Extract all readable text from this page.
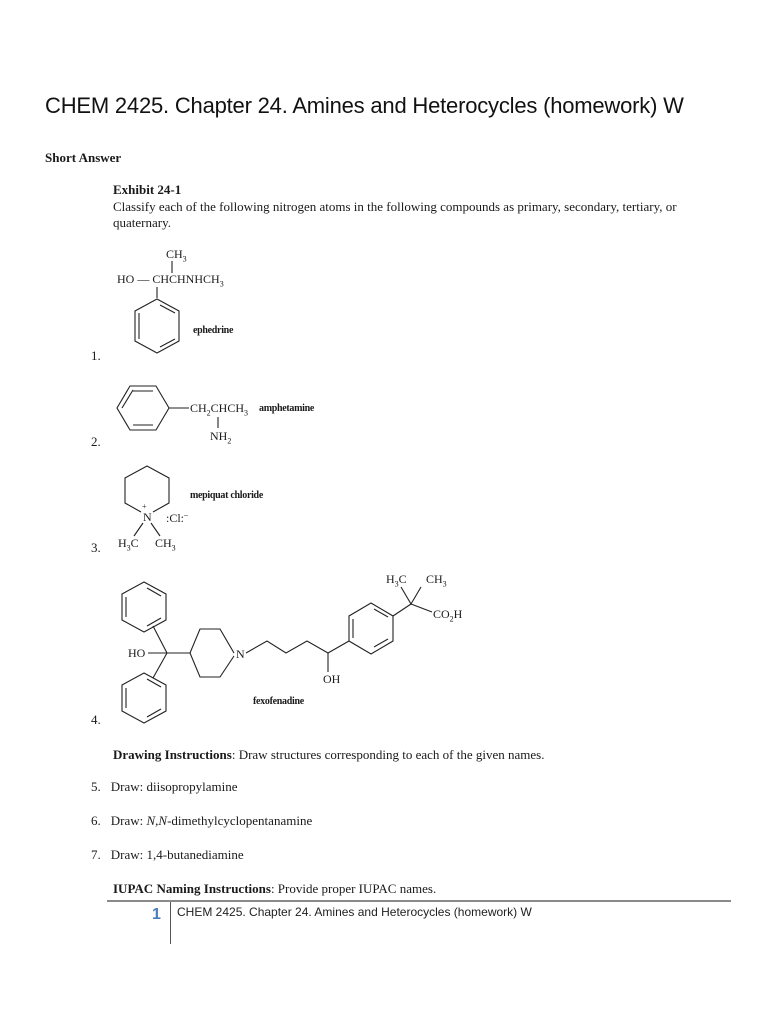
CHEM 2425. Chapter 24. Amines and Heterocycles (homework) W
Short Answer
Exhibit 24-1
Classify each of the following nitrogen atoms in the following compounds as primary, secondary, tertiary, or quaternary.
1.
$CH_3$
HO — $CHCHNHCH_3$
ephedrine
2.
$CH_2CHCH_3$
$NH_2$
amphetamine
3.
+
N :Cl:–
$H_3C$ $CH_3$
mepiquat chloride
4.
HO	N
OH
$H_3C$ $CH_3$
$CO_2H$
fexofenadine
Drawing Instructions: Draw structures corresponding to each of the given names.
5. Draw: diisopropylamine
6. Draw: N,N-dimethylcyclopentanamine
7. Draw: 1,4-butanediamine
IUPAC Naming Instructions: Provide proper IUPAC names.
1 CHEM 2425. Chapter 24. Amines and Heterocycles (homework) W
